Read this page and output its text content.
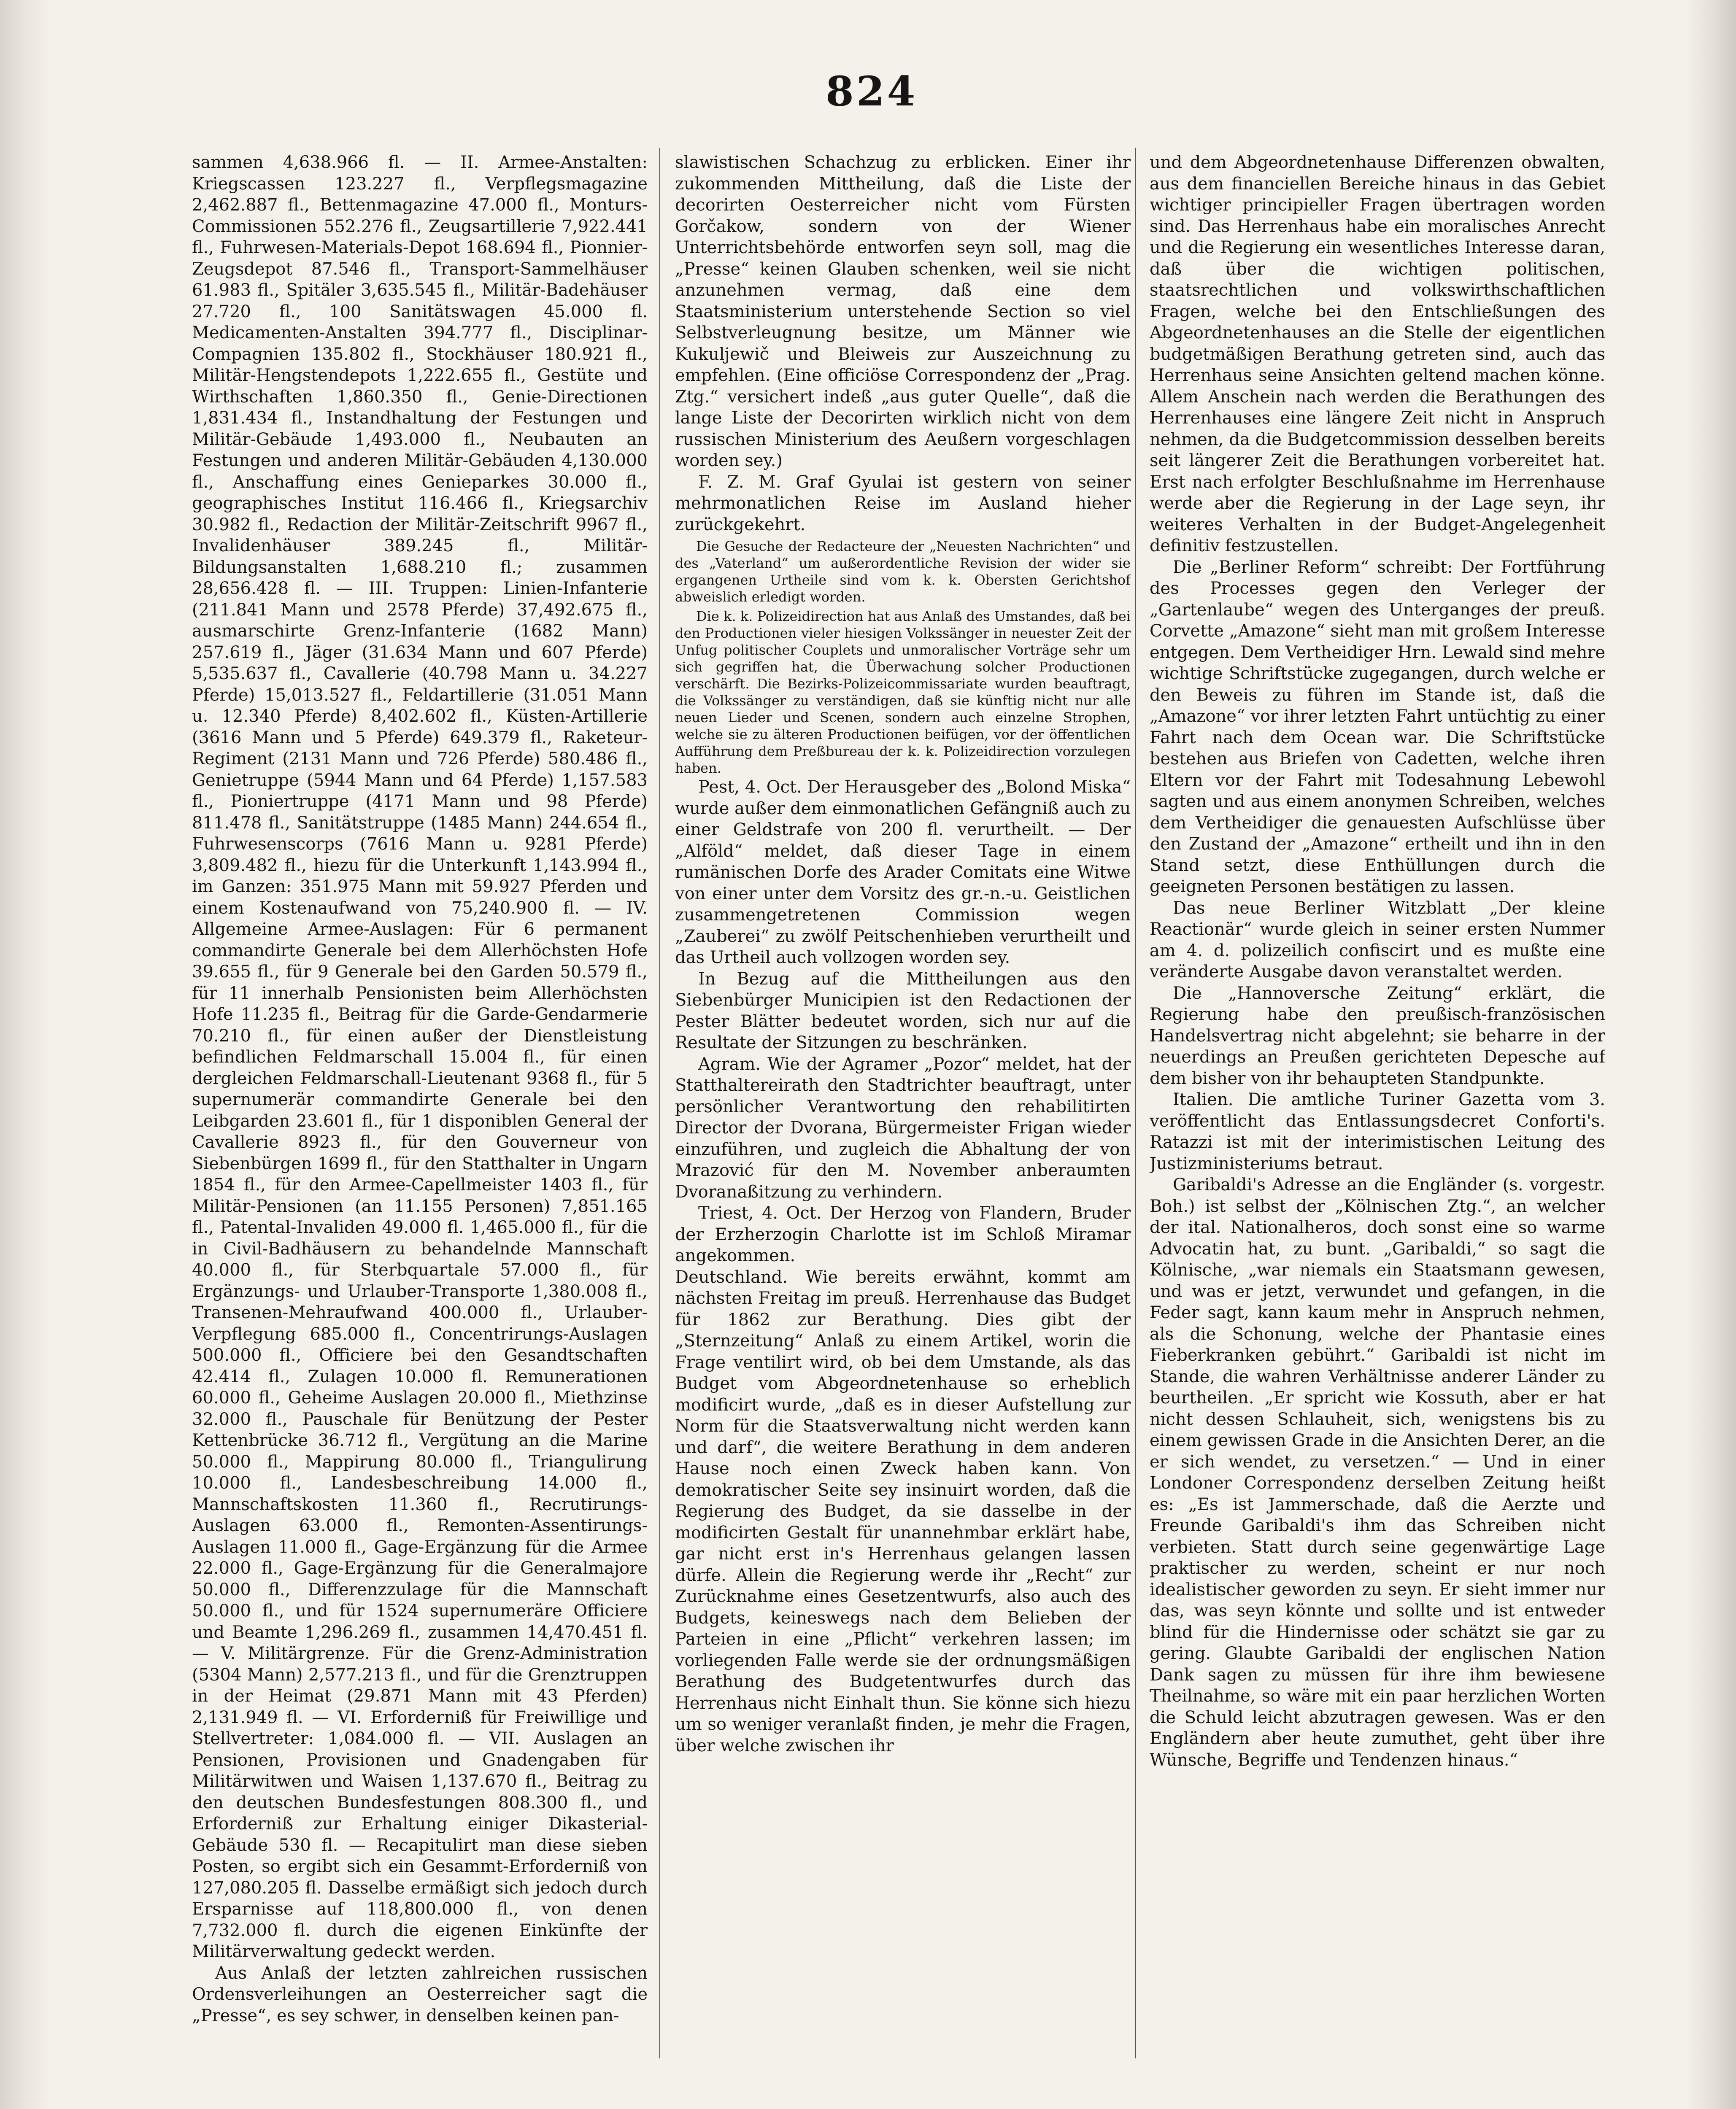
824

sammen 4,638.966 fl. — II. Armee-Anstalten: Kriegscassen 123.227 fl., Verpflegsmagazine 2,462.887 fl., Bettenmagazine 47.000 fl., Monturs-Commissionen 552.276 fl., Zeugsartillerie 7,922.441 fl., Fuhrwesen-Materials-Depot 168.694 fl., Pionnier-Zeugsdepot 87.546 fl., Transport-Sammelhäuser 61.983 fl., Spitäler 3,635.545 fl., Militär-Badehäuser 27.720 fl., 100 Sanitätswagen 45.000 fl. Medicamenten-Anstalten 394.777 fl., Disciplinar-Compagnien 135.802 fl., Stockhäuser 180.921 fl., Militär-Hengstendepots 1,222.655 fl., Gestüte und Wirthschaften 1,860.350 fl., Genie-Directionen 1,831.434 fl., Instandhaltung der Festungen und Militär-Gebäude 1,493.000 fl., Neubauten an Festungen und anderen Militär-Gebäuden 4,130.000 fl., Anschaffung eines Genieparkes 30.000 fl., geographisches Institut 116.466 fl., Kriegsarchiv 30.982 fl., Redaction der Militär-Zeitschrift 9967 fl., Invalidenhäuser 389.245 fl., Militär-Bildungsanstalten 1,688.210 fl.; zusammen 28,656.428 fl. — III. Truppen: Linien-Infanterie (211.841 Mann und 2578 Pferde) 37,492.675 fl., ausmarschirte Grenz-Infanterie (1682 Mann) 257.619 fl., Jäger (31.634 Mann und 607 Pferde) 5,535.637 fl., Cavallerie (40.798 Mann u. 34.227 Pferde) 15,013.527 fl., Feldartillerie (31.051 Mann u. 12.340 Pferde) 8,402.602 fl., Küsten-Artillerie (3616 Mann und 5 Pferde) 649.379 fl., Raketeur-Regiment (2131 Mann und 726 Pferde) 580.486 fl., Genietruppe (5944 Mann und 64 Pferde) 1,157.583 fl., Pioniertruppe (4171 Mann und 98 Pferde) 811.478 fl., Sanitätstruppe (1485 Mann) 244.654 fl., Fuhrwesenscorps (7616 Mann u. 9281 Pferde) 3,809.482 fl., hiezu für die Unterkunft 1,143.994 fl., im Ganzen: 351.975 Mann mit 59.927 Pferden und einem Kostenaufwand von 75,240.900 fl. — IV. Allgemeine Armee-Auslagen: Für 6 permanent commandirte Generale bei dem Allerhöchsten Hofe 39.655 fl., für 9 Generale bei den Garden 50.579 fl., für 11 innerhalb Pensionisten beim Allerhöchsten Hofe 11.235 fl., Beitrag für die Garde-Gendarmerie 70.210 fl., für einen außer der Dienstleistung befindlichen Feldmarschall 15.004 fl., für einen dergleichen Feldmarschall-Lieutenant 9368 fl., für 5 supernumerär commandirte Generale bei den Leibgarden 23.601 fl., für 1 disponiblen General der Cavallerie 8923 fl., für den Gouverneur von Siebenbürgen 1699 fl., für den Statthalter in Ungarn 1854 fl., für den Armee-Capellmeister 1403 fl., für Militär-Pensionen (an 11.155 Personen) 7,851.165 fl., Patental-Invaliden 49.000 fl. 1,465.000 fl., für die in Civil-Badhäusern zu behandelnde Mannschaft 40.000 fl., für Sterbquartale 57.000 fl., für Ergänzungs- und Urlauber-Transporte 1,380.008 fl., Transenen-Mehraufwand 400.000 fl., Urlauber-Verpflegung 685.000 fl., Concentrirungs-Auslagen 500.000 fl., Officiere bei den Gesandtschaften 42.414 fl., Zulagen 10.000 fl. Remunerationen 60.000 fl., Geheime Auslagen 20.000 fl., Miethzinse 32.000 fl., Pauschale für Benützung der Pester Kettenbrücke 36.712 fl., Vergütung an die Marine 50.000 fl., Mappirung 80.000 fl., Triangulirung 10.000 fl., Landesbeschreibung 14.000 fl., Mannschaftskosten 11.360 fl., Recrutirungs-Auslagen 63.000 fl., Remonten-Assentirungs-Auslagen 11.000 fl., Gage-Ergänzung für die Armee 22.000 fl., Gage-Ergänzung für die Generalmajore 50.000 fl., Differenzzulage für die Mannschaft 50.000 fl., und für 1524 supernumeräre Officiere und Beamte 1,296.269 fl., zusammen 14,470.451 fl. — V. Militärgrenze. Für die Grenz-Administration (5304 Mann) 2,577.213 fl., und für die Grenztruppen in der Heimat (29.871 Mann mit 43 Pferden) 2,131.949 fl. — VI. Erforderniß für Freiwillige und Stellvertreter: 1,084.000 fl. — VII. Auslagen an Pensionen, Provisionen und Gnadengaben für Militärwitwen und Waisen 1,137.670 fl., Beitrag zu den deutschen Bundesfestungen 808.300 fl., und Erforderniß zur Erhaltung einiger Dikasterial-Gebäude 530 fl. — Recapitulirt man diese sieben Posten, so ergibt sich ein Gesammt-Erforderniß von 127,080.205 fl. Dasselbe ermäßigt sich jedoch durch Ersparnisse auf 118,800.000 fl., von denen 7,732.000 fl. durch die eigenen Einkünfte der Militärverwaltung gedeckt werden.

Aus Anlaß der letzten zahlreichen russischen Ordensverleihungen an Oesterreicher sagt die „Presse“, es sey schwer, in denselben keinen pan-

slawistischen Schachzug zu erblicken. Einer ihr zukommenden Mittheilung, daß die Liste der decorirten Oesterreicher nicht vom Fürsten Gorčakow, sondern von der Wiener Unterrichtsbehörde entworfen seyn soll, mag die „Presse“ keinen Glauben schenken, weil sie nicht anzunehmen vermag, daß eine dem Staatsministerium unterstehende Section so viel Selbstverleugnung besitze, um Männer wie Kukuljewič und Bleiweis zur Auszeichnung zu empfehlen. (Eine officiöse Correspondenz der „Prag. Ztg.“ versichert indeß „aus guter Quelle“, daß die lange Liste der Decorirten wirklich nicht von dem russischen Ministerium des Aeußern vorgeschlagen worden sey.)

F. Z. M. Graf Gyulai ist gestern von seiner mehrmonatlichen Reise im Ausland hieher zurückgekehrt.

Die Gesuche der Redacteure der „Neuesten Nachrichten“ und des „Vaterland“ um außerordentliche Revision der wider sie ergangenen Urtheile sind vom k. k. Obersten Gerichtshof abweislich erledigt worden.

Die k. k. Polizeidirection hat aus Anlaß des Umstandes, daß bei den Productionen vieler hiesigen Volkssänger in neuester Zeit der Unfug politischer Couplets und unmoralischer Vorträge sehr um sich gegriffen hat, die Überwachung solcher Productionen verschärft. Die Bezirks-Polizeicommissariate wurden beauftragt, die Volkssänger zu verständigen, daß sie künftig nicht nur alle neuen Lieder und Scenen, sondern auch einzelne Strophen, welche sie zu älteren Productionen beifügen, vor der öffentlichen Aufführung dem Preßbureau der k. k. Polizeidirection vorzulegen haben.

Pest, 4. Oct. Der Herausgeber des „Bolond Miska“ wurde außer dem einmonatlichen Gefängniß auch zu einer Geldstrafe von 200 fl. verurtheilt. — Der „Alföld“ meldet, daß dieser Tage in einem rumänischen Dorfe des Arader Comitats eine Witwe von einer unter dem Vorsitz des gr.-n.-u. Geistlichen zusammengetretenen Commission wegen „Zauberei“ zu zwölf Peitschenhieben verurtheilt und das Urtheil auch vollzogen worden sey.

In Bezug auf die Mittheilungen aus den Siebenbürger Municipien ist den Redactionen der Pester Blätter bedeutet worden, sich nur auf die Resultate der Sitzungen zu beschränken.

Agram. Wie der Agramer „Pozor“ meldet, hat der Statthaltereirath den Stadtrichter beauftragt, unter persönlicher Verantwortung den rehabilitirten Director der Dvorana, Bürgermeister Frigan wieder einzuführen, und zugleich die Abhaltung der von Mrazović für den M. November anberaumten Dvoranaßitzung zu verhindern.

Triest, 4. Oct. Der Herzog von Flandern, Bruder der Erzherzogin Charlotte ist im Schloß Miramar angekommen.

Deutschland. Wie bereits erwähnt, kommt am nächsten Freitag im preuß. Herrenhause das Budget für 1862 zur Berathung. Dies gibt der „Sternzeitung“ Anlaß zu einem Artikel, worin die Frage ventilirt wird, ob bei dem Umstande, als das Budget vom Abgeordnetenhause so erheblich modificirt wurde, „daß es in dieser Aufstellung zur Norm für die Staatsverwaltung nicht werden kann und darf“, die weitere Berathung in dem anderen Hause noch einen Zweck haben kann. Von demokratischer Seite sey insinuirt worden, daß die Regierung des Budget, da sie dasselbe in der modificirten Gestalt für unannehmbar erklärt habe, gar nicht erst in's Herrenhaus gelangen lassen dürfe. Allein die Regierung werde ihr „Recht“ zur Zurücknahme eines Gesetzentwurfs, also auch des Budgets, keineswegs nach dem Belieben der Parteien in eine „Pflicht“ verkehren lassen; im vorliegenden Falle werde sie der ordnungsmäßigen Berathung des Budgetentwurfes durch das Herrenhaus nicht Einhalt thun. Sie könne sich hiezu um so weniger veranlaßt finden, je mehr die Fragen, über welche zwischen ihr

und dem Abgeordnetenhause Differenzen obwalten, aus dem financiellen Bereiche hinaus in das Gebiet wichtiger principieller Fragen übertragen worden sind. Das Herrenhaus habe ein moralisches Anrecht und die Regierung ein wesentliches Interesse daran, daß über die wichtigen politischen, staatsrechtlichen und volkswirthschaftlichen Fragen, welche bei den Entschließungen des Abgeordnetenhauses an die Stelle der eigentlichen budgetmäßigen Berathung getreten sind, auch das Herrenhaus seine Ansichten geltend machen könne. Allem Anschein nach werden die Berathungen des Herrenhauses eine längere Zeit nicht in Anspruch nehmen, da die Budgetcommission desselben bereits seit längerer Zeit die Berathungen vorbereitet hat. Erst nach erfolgter Beschlußnahme im Herrenhause werde aber die Regierung in der Lage seyn, ihr weiteres Verhalten in der Budget-Angelegenheit definitiv festzustellen.

Die „Berliner Reform“ schreibt: Der Fortführung des Processes gegen den Verleger der „Gartenlaube“ wegen des Unterganges der preuß. Corvette „Amazone“ sieht man mit großem Interesse entgegen. Dem Vertheidiger Hrn. Lewald sind mehre wichtige Schriftstücke zugegangen, durch welche er den Beweis zu führen im Stande ist, daß die „Amazone“ vor ihrer letzten Fahrt untüchtig zu einer Fahrt nach dem Ocean war. Die Schriftstücke bestehen aus Briefen von Cadetten, welche ihren Eltern vor der Fahrt mit Todesahnung Lebewohl sagten und aus einem anonymen Schreiben, welches dem Vertheidiger die genauesten Aufschlüsse über den Zustand der „Amazone“ ertheilt und ihn in den Stand setzt, diese Enthüllungen durch die geeigneten Personen bestätigen zu lassen.

Das neue Berliner Witzblatt „Der kleine Reactionär“ wurde gleich in seiner ersten Nummer am 4. d. polizeilich confiscirt und es mußte eine veränderte Ausgabe davon veranstaltet werden.

Die „Hannoversche Zeitung“ erklärt, die Regierung habe den preußisch-französischen Handelsvertrag nicht abgelehnt; sie beharre in der neuerdings an Preußen gerichteten Depesche auf dem bisher von ihr behaupteten Standpunkte.

Italien. Die amtliche Turiner Gazetta vom 3. veröffentlicht das Entlassungsdecret Conforti's. Ratazzi ist mit der interimistischen Leitung des Justizministeriums betraut.

Garibaldi's Adresse an die Engländer (s. vorgestr. Boh.) ist selbst der „Kölnischen Ztg.“, an welcher der ital. Nationalheros, doch sonst eine so warme Advocatin hat, zu bunt. „Garibaldi,“ so sagt die Kölnische, „war niemals ein Staatsmann gewesen, und was er jetzt, verwundet und gefangen, in die Feder sagt, kann kaum mehr in Anspruch nehmen, als die Schonung, welche der Phantasie eines Fieberkranken gebührt.“ Garibaldi ist nicht im Stande, die wahren Verhältnisse anderer Länder zu beurtheilen. „Er spricht wie Kossuth, aber er hat nicht dessen Schlauheit, sich, wenigstens bis zu einem gewissen Grade in die Ansichten Derer, an die er sich wendet, zu versetzen.“ — Und in einer Londoner Correspondenz derselben Zeitung heißt es: „Es ist Jammerschade, daß die Aerzte und Freunde Garibaldi's ihm das Schreiben nicht verbieten. Statt durch seine gegenwärtige Lage praktischer zu werden, scheint er nur noch idealistischer geworden zu seyn. Er sieht immer nur das, was seyn könnte und sollte und ist entweder blind für die Hindernisse oder schätzt sie gar zu gering. Glaubte Garibaldi der englischen Nation Dank sagen zu müssen für ihre ihm bewiesene Theilnahme, so wäre mit ein paar herzlichen Worten die Schuld leicht abzutragen gewesen. Was er den Engländern aber heute zumuthet, geht über ihre Wünsche, Begriffe und Tendenzen hinaus.“
